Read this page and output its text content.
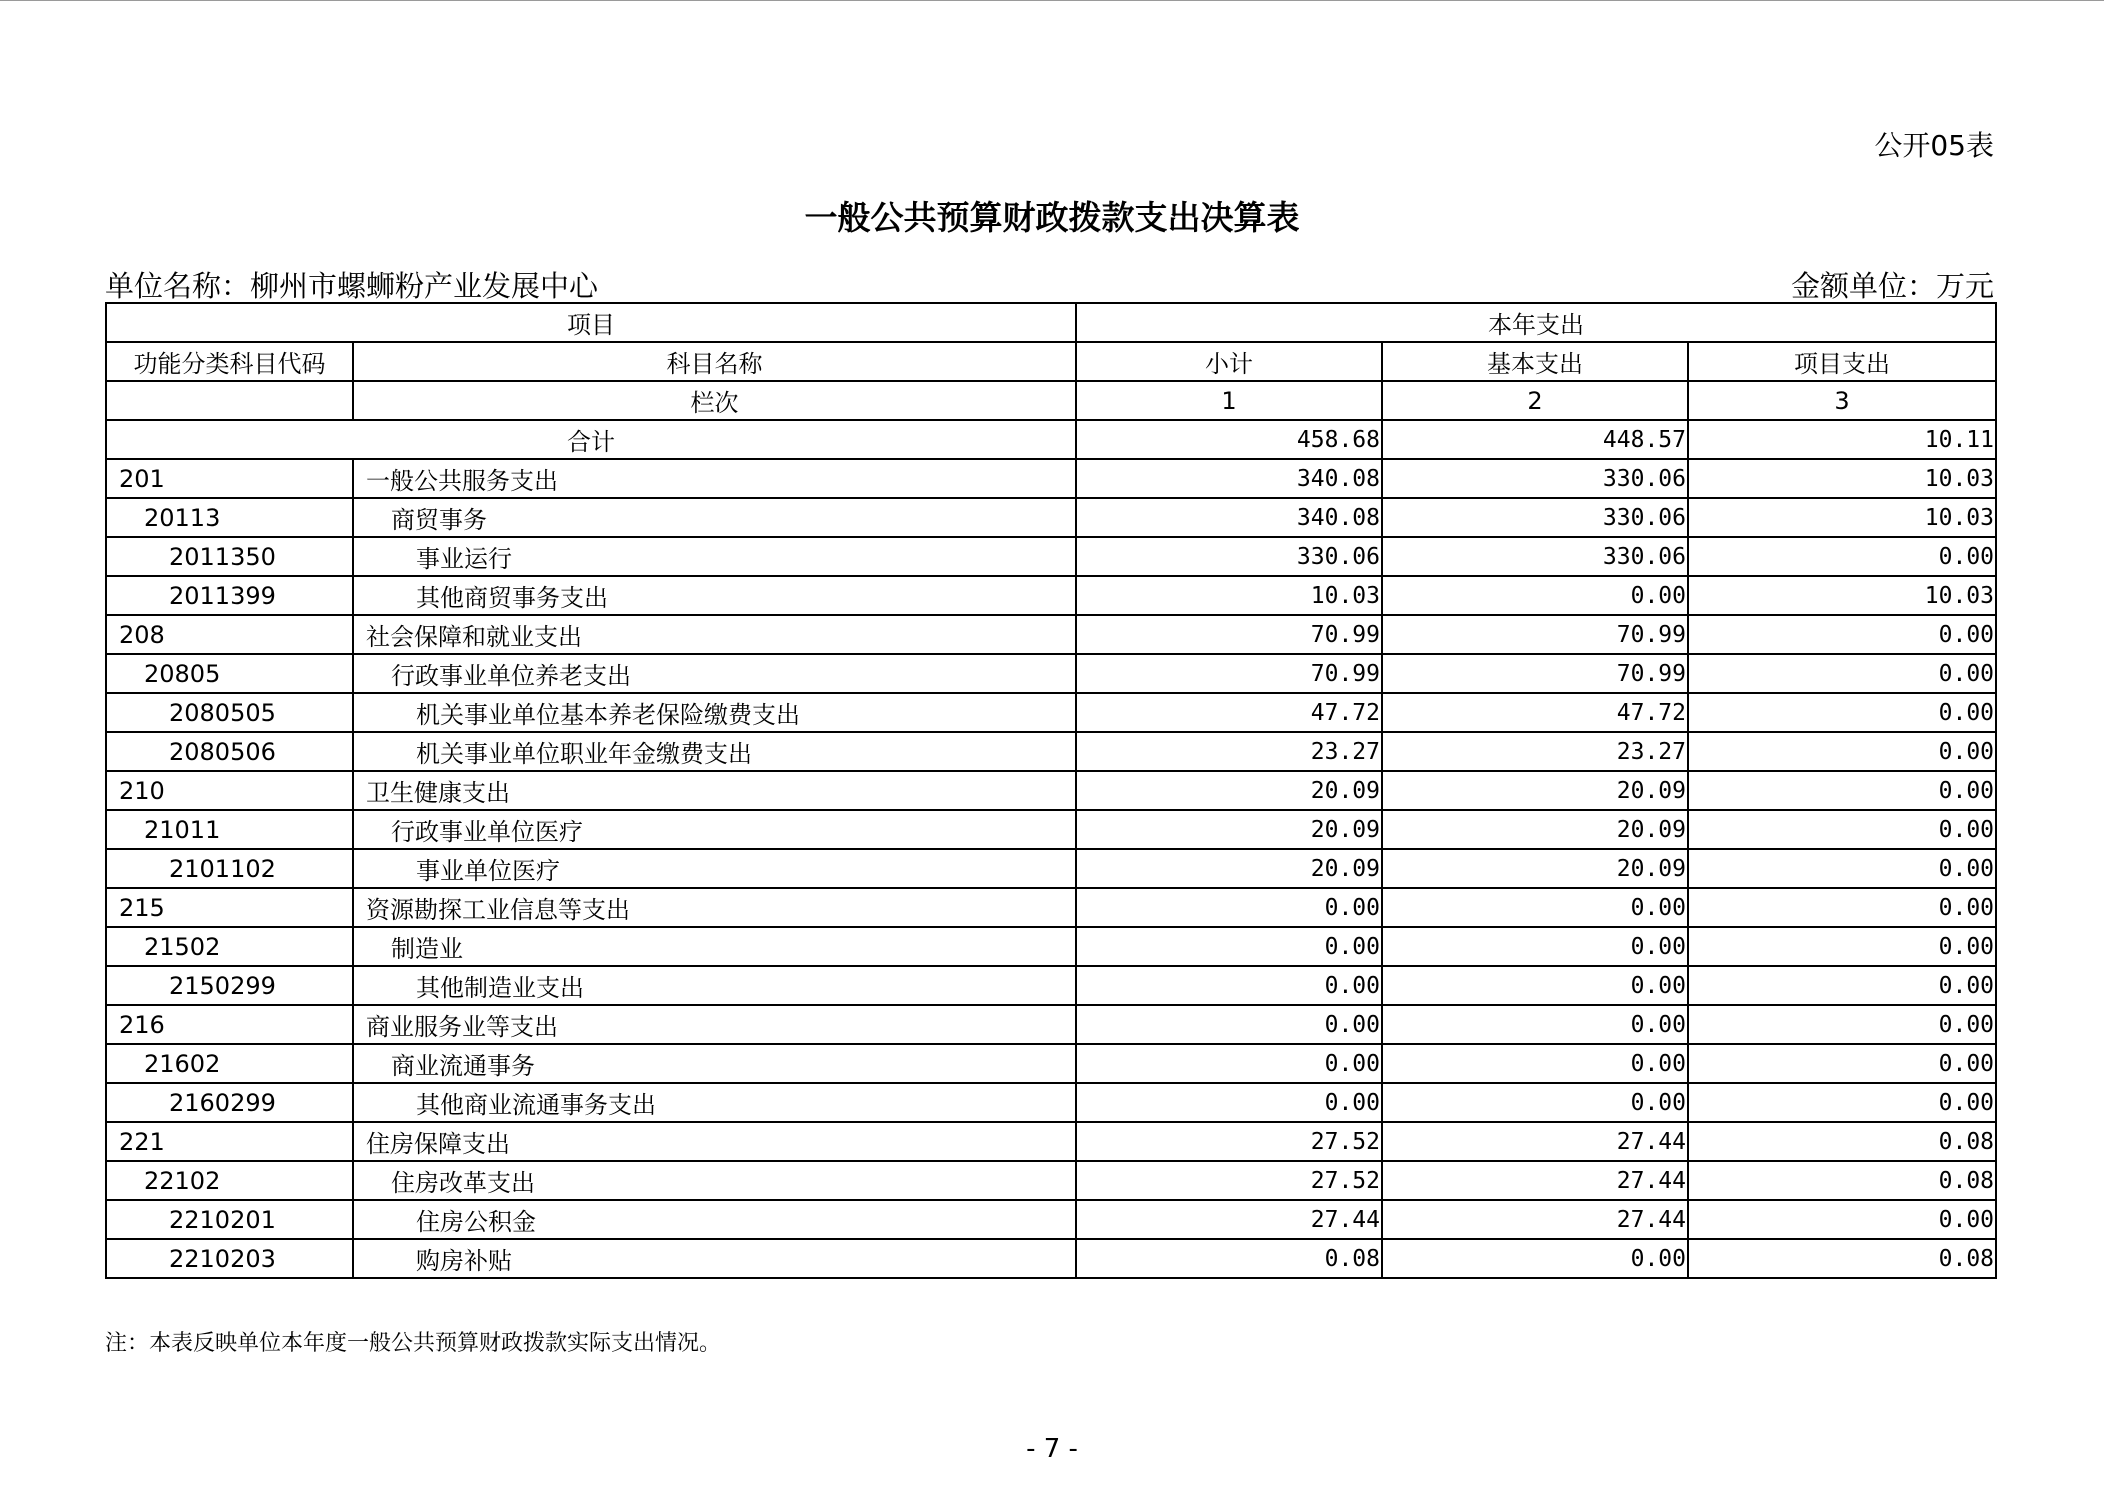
公开05表
一般公共预算财政拨款支出决算表
单位名称：柳州市螺蛳粉产业发展中心	金额单位：万元
项目		本年支出		
功能分类科目代码	科目名称	小计	基本支出	项目支出
	栏次	1	2	3
合计		458.68	448.57	10.11
201	一般公共服务支出	340.08	330.06	10.03
20113	商贸事务	340.08	330.06	10.03
2011350	事业运行	330.06	330.06	0.00
2011399	其他商贸事务支出	10.03	0.00	10.03
208	社会保障和就业支出	70.99	70.99	0.00
20805	行政事业单位养老支出	70.99	70.99	0.00
2080505	机关事业单位基本养老保险缴费支出	47.72	47.72	0.00
2080506	机关事业单位职业年金缴费支出	23.27	23.27	0.00
210	卫生健康支出	20.09	20.09	0.00
21011	行政事业单位医疗	20.09	20.09	0.00
2101102	事业单位医疗	20.09	20.09	0.00
215	资源勘探工业信息等支出	0.00	0.00	0.00
21502	制造业	0.00	0.00	0.00
2150299	其他制造业支出	0.00	0.00	0.00
216	商业服务业等支出	0.00	0.00	0.00
21602	商业流通事务	0.00	0.00	0.00
2160299	其他商业流通事务支出	0.00	0.00	0.00
221	住房保障支出	27.52	27.44	0.08
22102	住房改革支出	27.52	27.44	0.08
2210201	住房公积金	27.44	27.44	0.00
2210203	购房补贴	0.08	0.00	0.08
注：本表反映单位本年度一般公共预算财政拨款实际支出情况。
- 7 -
